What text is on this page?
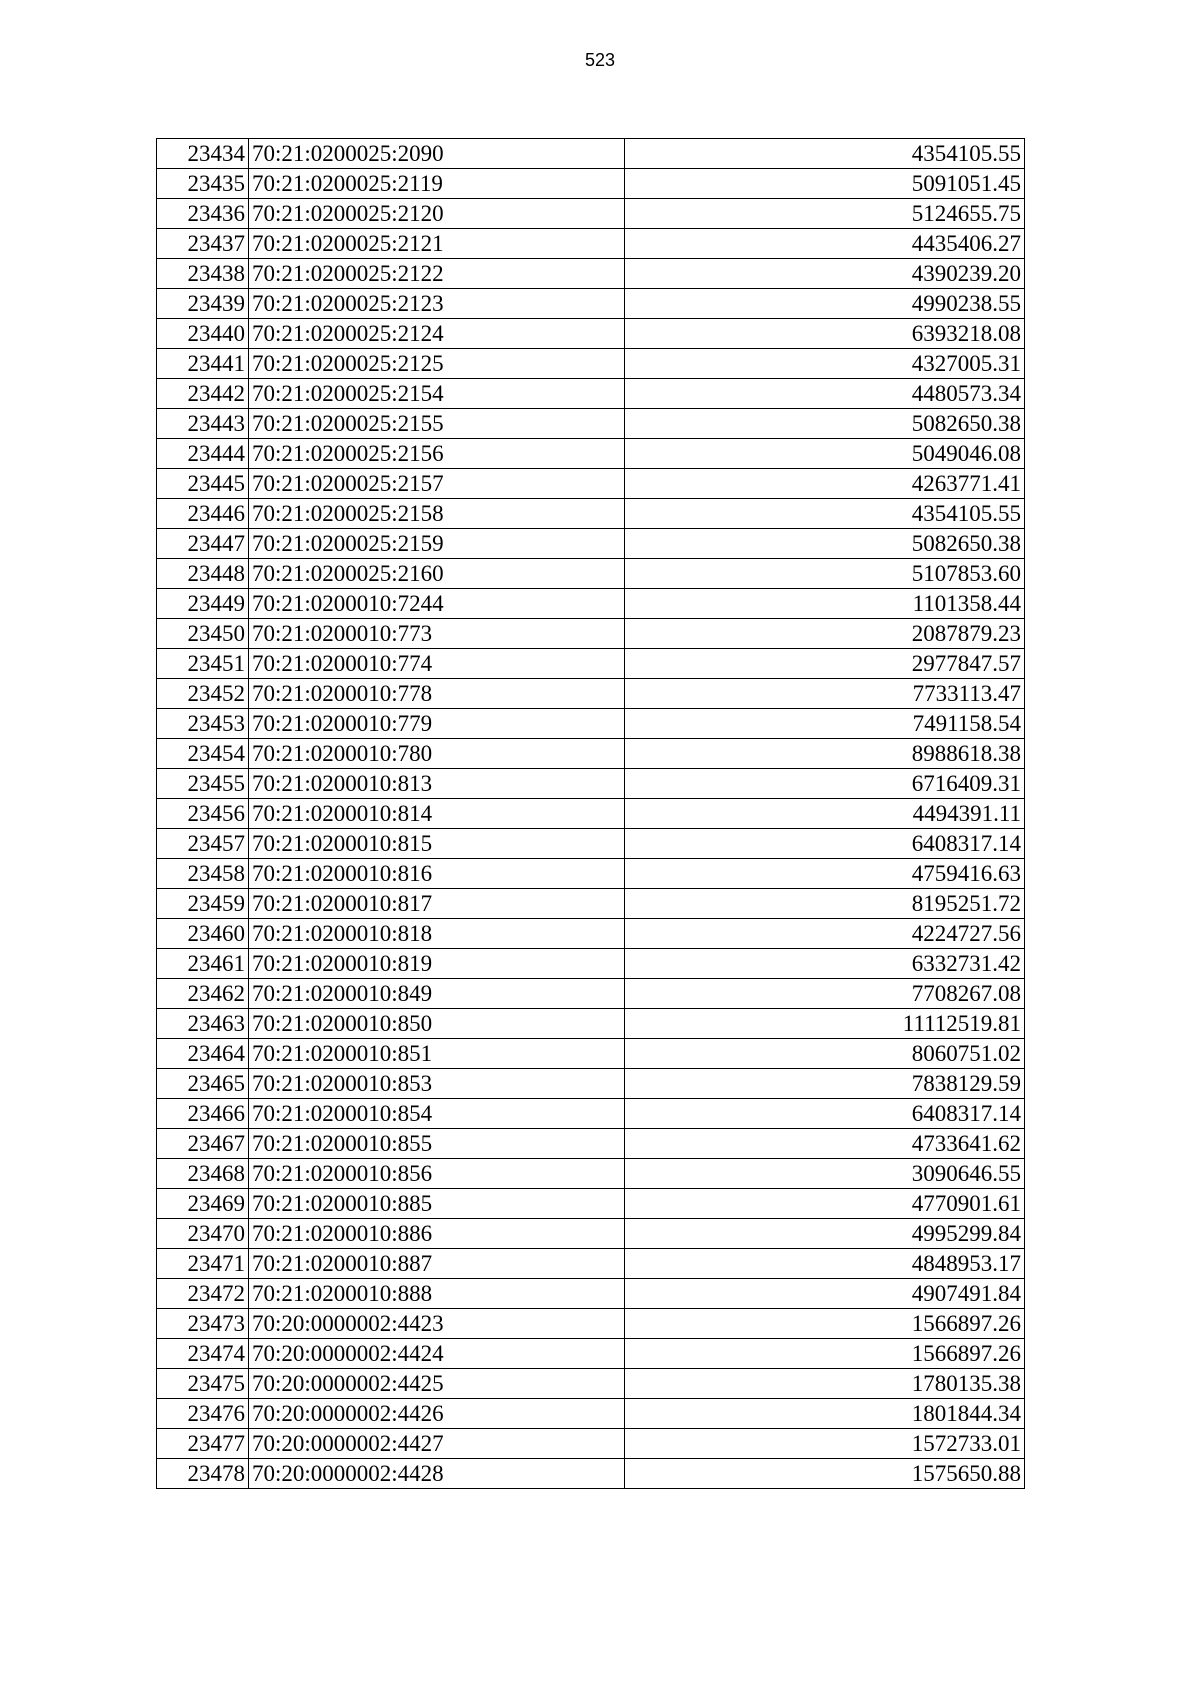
523
23434	70:21:0200025:2090	4354105.55
23435	70:21:0200025:2119	5091051.45
23436	70:21:0200025:2120	5124655.75
23437	70:21:0200025:2121	4435406.27
23438	70:21:0200025:2122	4390239.20
23439	70:21:0200025:2123	4990238.55
23440	70:21:0200025:2124	6393218.08
23441	70:21:0200025:2125	4327005.31
23442	70:21:0200025:2154	4480573.34
23443	70:21:0200025:2155	5082650.38
23444	70:21:0200025:2156	5049046.08
23445	70:21:0200025:2157	4263771.41
23446	70:21:0200025:2158	4354105.55
23447	70:21:0200025:2159	5082650.38
23448	70:21:0200025:2160	5107853.60
23449	70:21:0200010:7244	1101358.44
23450	70:21:0200010:773	2087879.23
23451	70:21:0200010:774	2977847.57
23452	70:21:0200010:778	7733113.47
23453	70:21:0200010:779	7491158.54
23454	70:21:0200010:780	8988618.38
23455	70:21:0200010:813	6716409.31
23456	70:21:0200010:814	4494391.11
23457	70:21:0200010:815	6408317.14
23458	70:21:0200010:816	4759416.63
23459	70:21:0200010:817	8195251.72
23460	70:21:0200010:818	4224727.56
23461	70:21:0200010:819	6332731.42
23462	70:21:0200010:849	7708267.08
23463	70:21:0200010:850	11112519.81
23464	70:21:0200010:851	8060751.02
23465	70:21:0200010:853	7838129.59
23466	70:21:0200010:854	6408317.14
23467	70:21:0200010:855	4733641.62
23468	70:21:0200010:856	3090646.55
23469	70:21:0200010:885	4770901.61
23470	70:21:0200010:886	4995299.84
23471	70:21:0200010:887	4848953.17
23472	70:21:0200010:888	4907491.84
23473	70:20:0000002:4423	1566897.26
23474	70:20:0000002:4424	1566897.26
23475	70:20:0000002:4425	1780135.38
23476	70:20:0000002:4426	1801844.34
23477	70:20:0000002:4427	1572733.01
23478	70:20:0000002:4428	1575650.88
